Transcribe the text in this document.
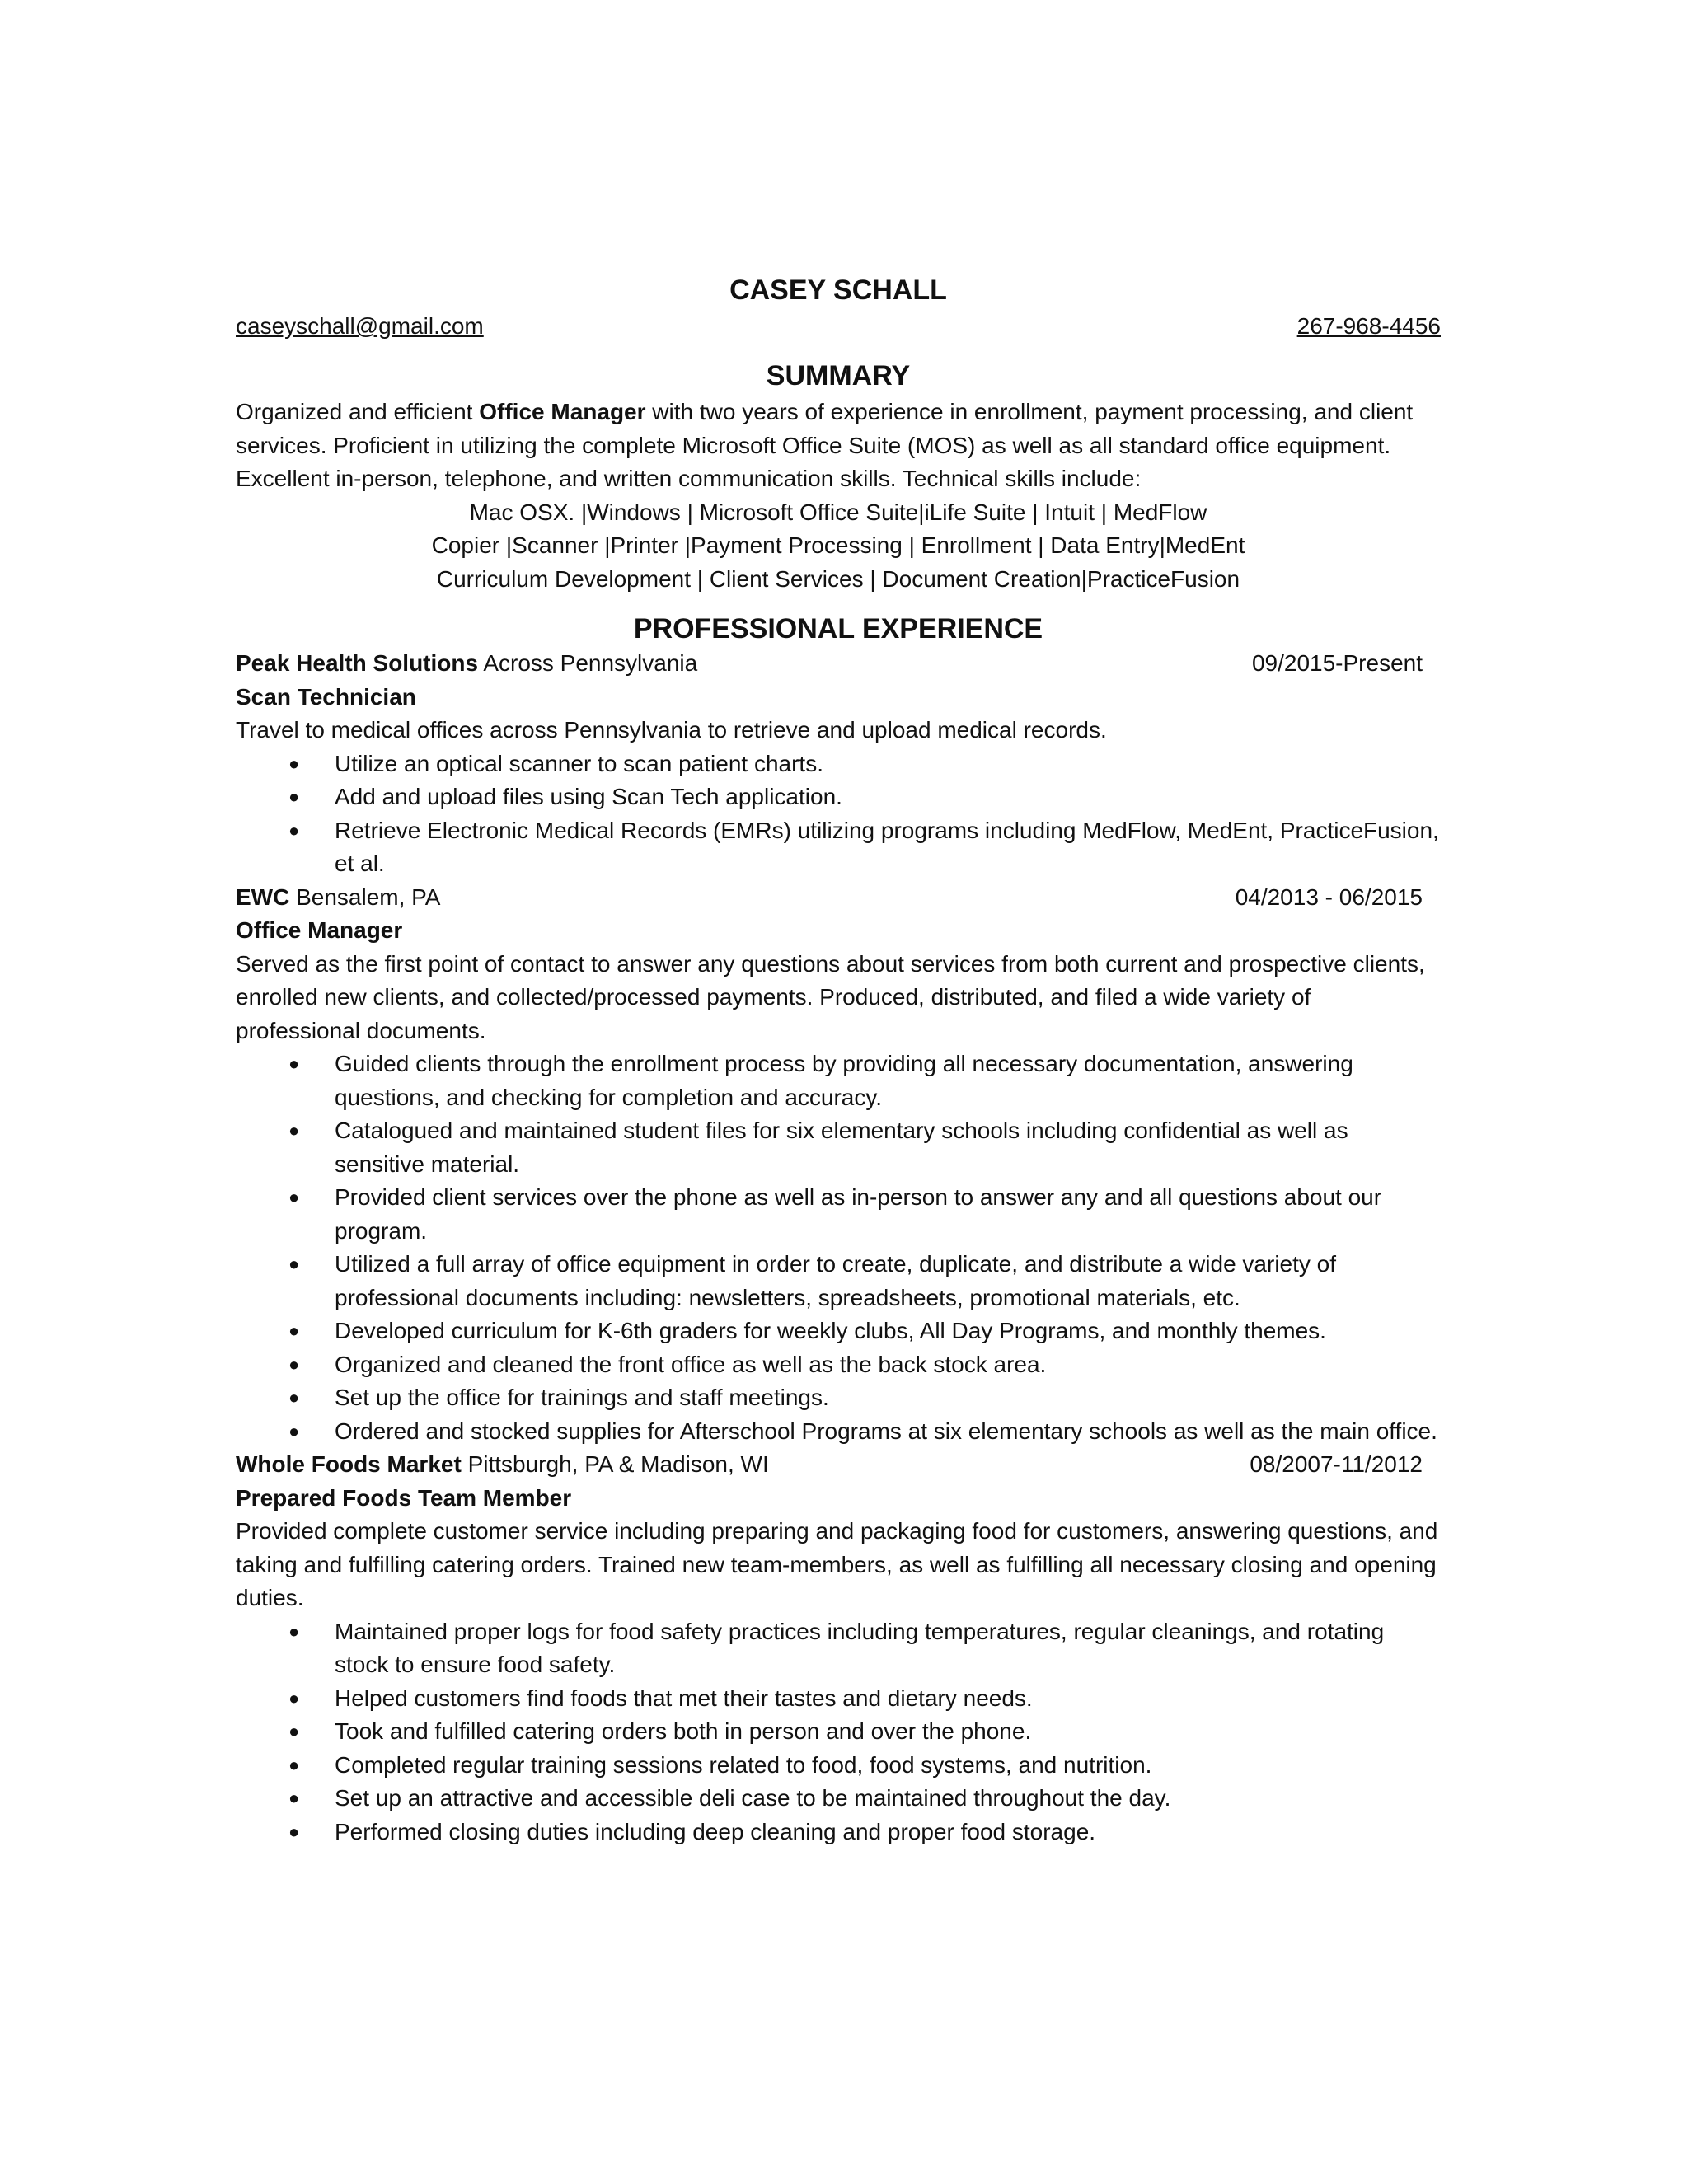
CASEY SCHALL
caseyschall@gmail.com	267-968-4456
SUMMARY

Organized and efficient Office Manager with two years of experience in enrollment, payment processing, and client services. Proficient in utilizing the complete Microsoft Office Suite (MOS) as well as all standard office equipment. Excellent in-person, telephone, and written communication skills. Technical skills include:

Mac OSX. |Windows | Microsoft Office Suite|iLife Suite | Intuit | MedFlow

Copier |Scanner |Printer |Payment Processing | Enrollment | Data Entry|MedEnt

Curriculum Development | Client Services | Document Creation|PracticeFusion

PROFESSIONAL EXPERIENCE
Peak Health Solutions Across Pennsylvania	09/2015-Present

Scan Technician

Travel to medical offices across Pennsylvania to retrieve and upload medical records.

● Utilize an optical scanner to scan patient charts.
● Add and upload files using Scan Tech application.
● Retrieve Electronic Medical Records (EMRs) utilizing programs including MedFlow, MedEnt, PracticeFusion, et al.
EWC Bensalem, PA	04/2013 - 06/2015

Office Manager

Served as the first point of contact to answer any questions about services from both current and prospective clients, enrolled new clients, and collected/processed payments. Produced, distributed, and filed a wide variety of professional documents.

● Guided clients through the enrollment process by providing all necessary documentation, answering questions, and checking for completion and accuracy.
● Catalogued and maintained student files for six elementary schools including confidential as well as sensitive material.
● Provided client services over the phone as well as in-person to answer any and all questions about our program.
● Utilized a full array of office equipment in order to create, duplicate, and distribute a wide variety of professional documents including: newsletters, spreadsheets, promotional materials, etc.
● Developed curriculum for K-6th graders for weekly clubs, All Day Programs, and monthly themes.
● Organized and cleaned the front office as well as the back stock area.
● Set up the office for trainings and staff meetings.
● Ordered and stocked supplies for Afterschool Programs at six elementary schools as well as the main office.
Whole Foods Market Pittsburgh, PA & Madison, WI	08/2007-11/2012

Prepared Foods Team Member

Provided complete customer service including preparing and packaging food for customers, answering questions, and taking and fulfilling catering orders. Trained new team-members, as well as fulfilling all necessary closing and opening duties.

● Maintained proper logs for food safety practices including temperatures, regular cleanings, and rotating stock to ensure food safety.
● Helped customers find foods that met their tastes and dietary needs.
● Took and fulfilled catering orders both in person and over the phone.
● Completed regular training sessions related to food, food systems, and nutrition.
● Set up an attractive and accessible deli case to be maintained throughout the day.
● Performed closing duties including deep cleaning and proper food storage.
